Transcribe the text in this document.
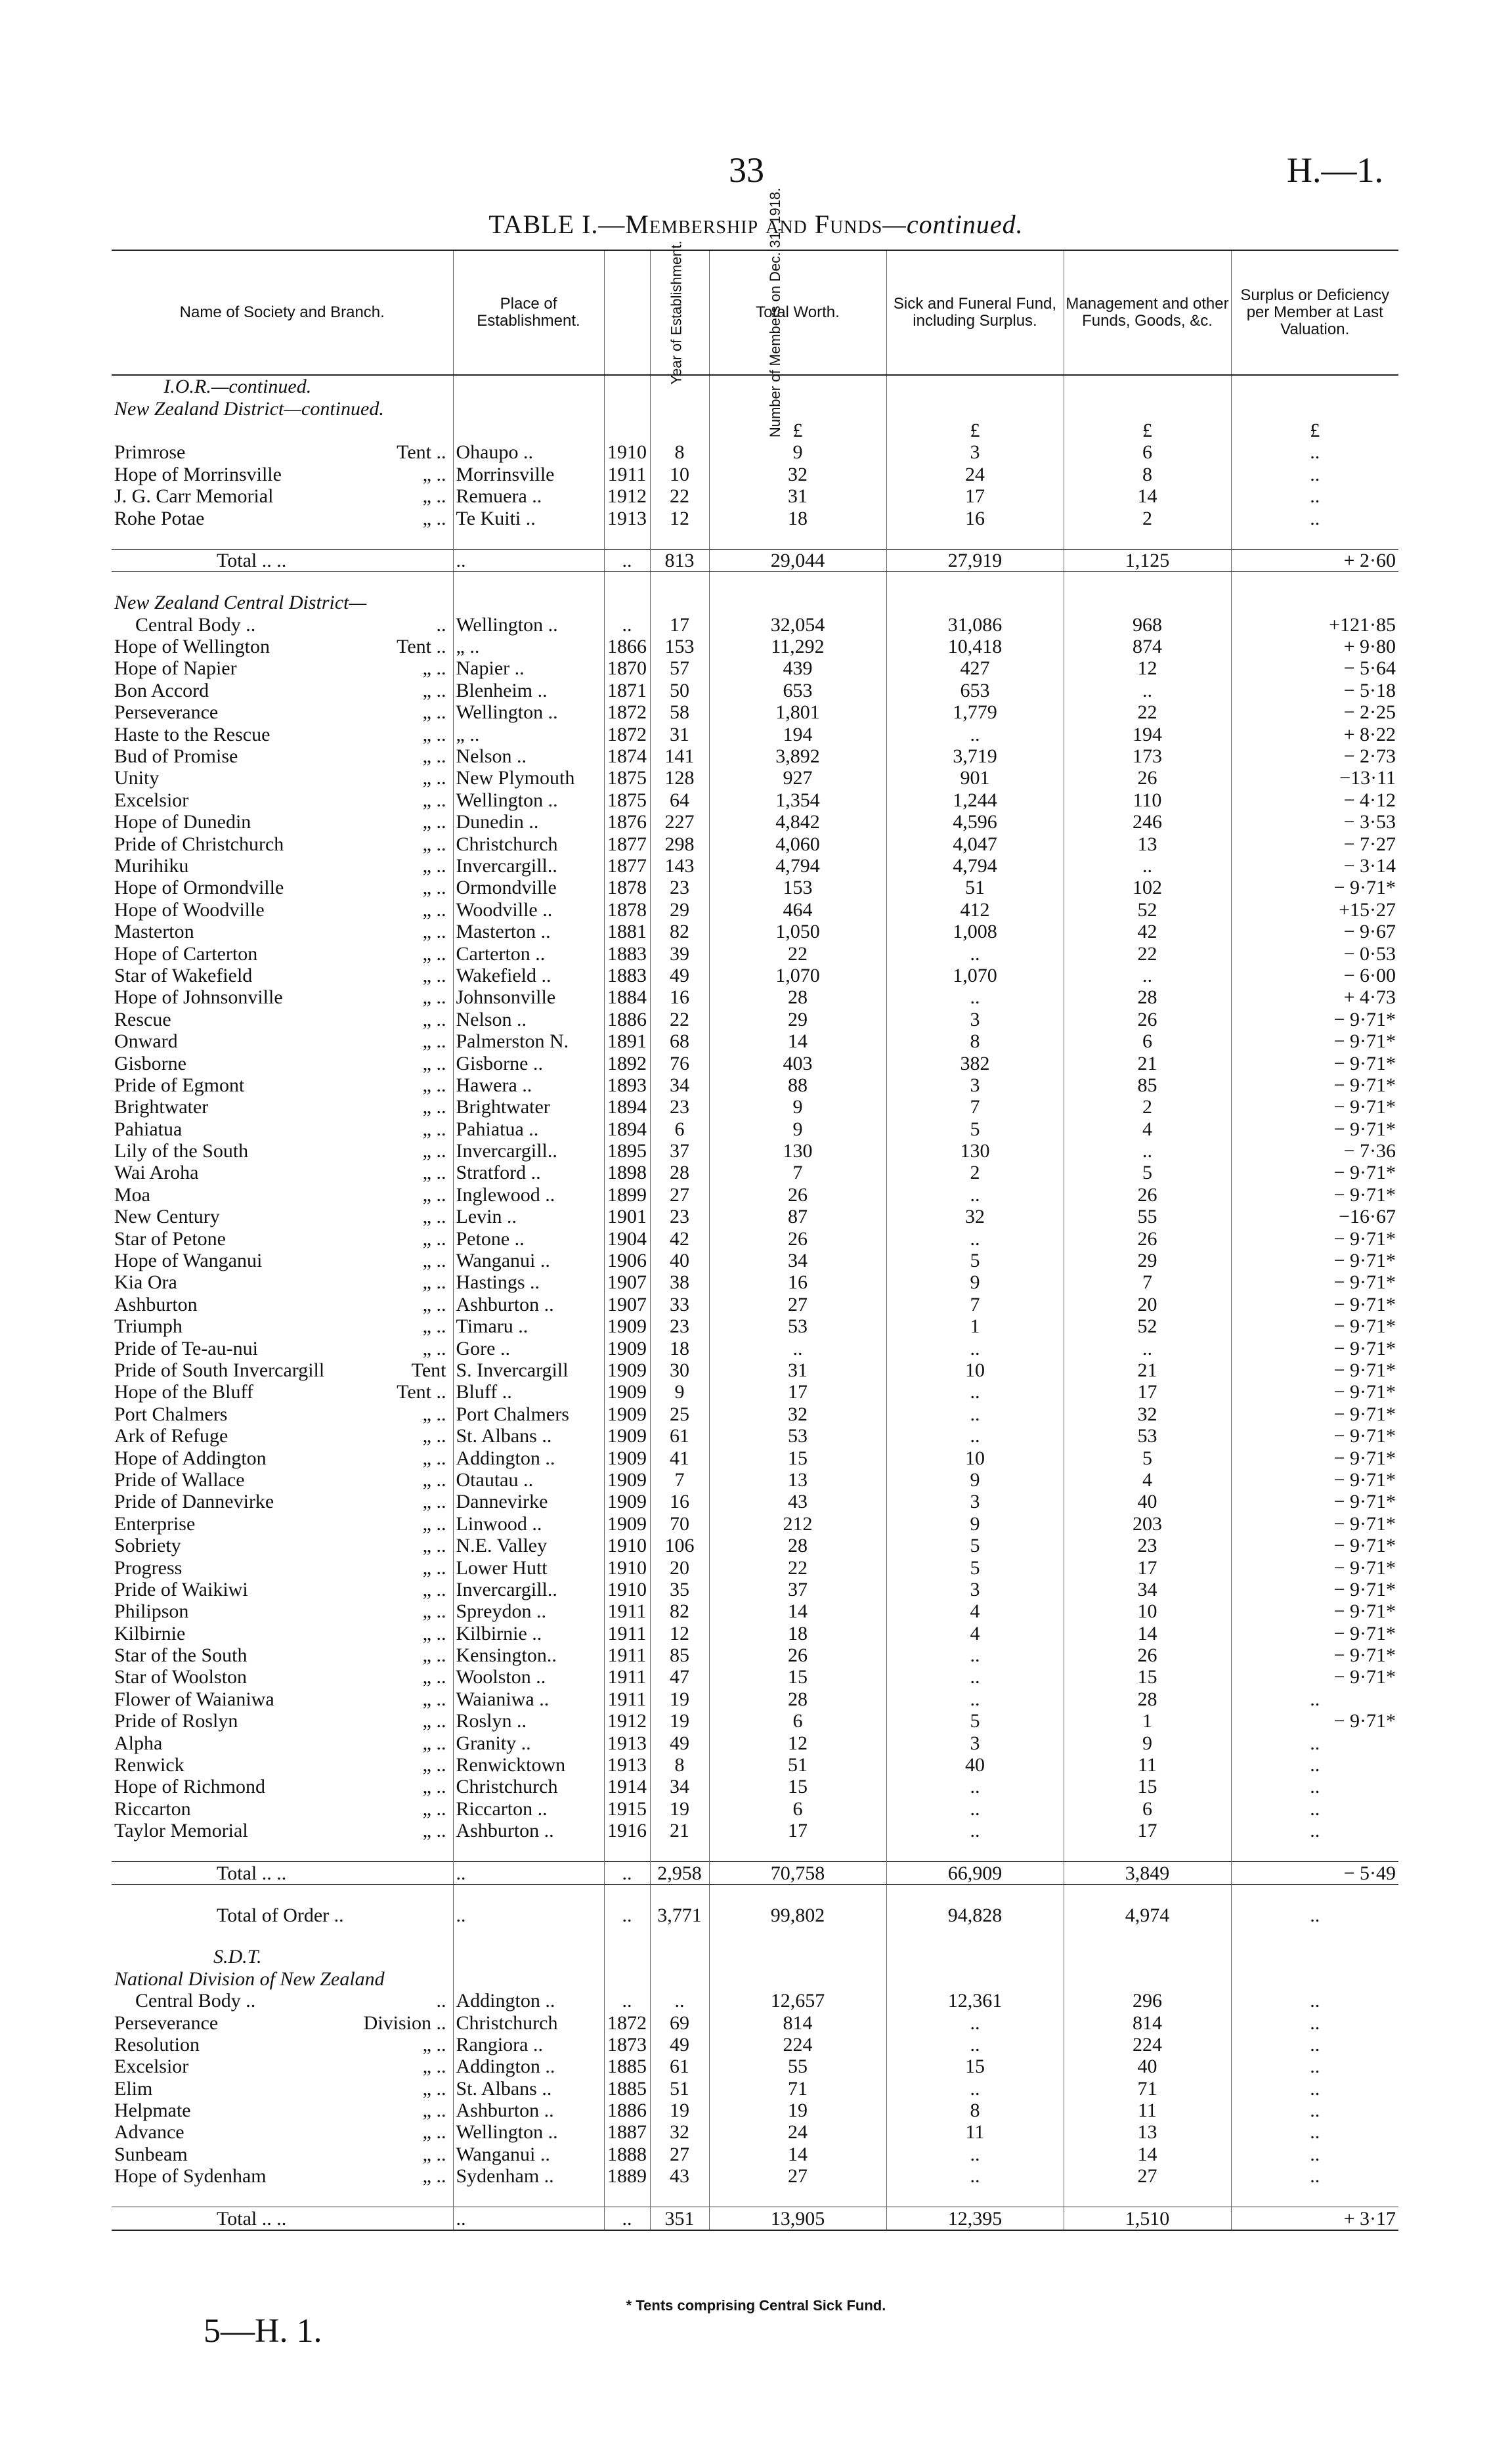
33	H.—1.
TABLE I.—Membership and Funds—continued.
Name of Society and Branch.	Place of Establishment.	Year of Establishment.	Number of Members on Dec. 31, 1918.	Total Worth.	Sick and Funeral Fund, including Surplus.	Management and other Funds, Goods, &c.	Surplus or Deficiency per Member at Last Valuation.
I.O.R.—continued.							
New Zealand District—continued.							
				£	£	£	£
Primrose Tent ..	Ohaupo ..	1910	8	9	3	6	..
Hope of Morrinsville „ ..	Morrinsville	1911	10	32	24	8	..
J. G. Carr Memorial „ ..	Remuera ..	1912	22	31	17	14	..
Rohe Potae „ ..	Te Kuiti ..	1913	12	18	16	2	..

Total .. ..	..	..	813	29,044	27,919	1,125	+ 2·60

New Zealand Central District—							
Central Body .. ..	Wellington ..	..	17	32,054	31,086	968	+121·85
Hope of Wellington Tent ..	„ ..	1866	153	11,292	10,418	874	+ 9·80
Hope of Napier „ ..	Napier ..	1870	57	439	427	12	− 5·64
Bon Accord „ ..	Blenheim ..	1871	50	653	653	..	− 5·18
Perseverance „ ..	Wellington ..	1872	58	1,801	1,779	22	− 2·25
Haste to the Rescue „ ..	„ ..	1872	31	194	..	194	+ 8·22
Bud of Promise „ ..	Nelson ..	1874	141	3,892	3,719	173	− 2·73
Unity „ ..	New Plymouth	1875	128	927	901	26	−13·11
Excelsior „ ..	Wellington ..	1875	64	1,354	1,244	110	− 4·12
Hope of Dunedin „ ..	Dunedin ..	1876	227	4,842	4,596	246	− 3·53
Pride of Christchurch „ ..	Christchurch	1877	298	4,060	4,047	13	− 7·27
Murihiku „ ..	Invercargill..	1877	143	4,794	4,794	..	− 3·14
Hope of Ormondville „ ..	Ormondville	1878	23	153	51	102	− 9·71*
Hope of Woodville „ ..	Woodville ..	1878	29	464	412	52	+15·27
Masterton „ ..	Masterton ..	1881	82	1,050	1,008	42	− 9·67
Hope of Carterton „ ..	Carterton ..	1883	39	22	..	22	− 0·53
Star of Wakefield „ ..	Wakefield ..	1883	49	1,070	1,070	..	− 6·00
Hope of Johnsonville „ ..	Johnsonville	1884	16	28	..	28	+ 4·73
Rescue „ ..	Nelson ..	1886	22	29	3	26	− 9·71*
Onward „ ..	Palmerston N.	1891	68	14	8	6	− 9·71*
Gisborne „ ..	Gisborne ..	1892	76	403	382	21	− 9·71*
Pride of Egmont „ ..	Hawera ..	1893	34	88	3	85	− 9·71*
Brightwater „ ..	Brightwater	1894	23	9	7	2	− 9·71*
Pahiatua „ ..	Pahiatua ..	1894	6	9	5	4	− 9·71*
Lily of the South „ ..	Invercargill..	1895	37	130	130	..	− 7·36
Wai Aroha „ ..	Stratford ..	1898	28	7	2	5	− 9·71*
Moa „ ..	Inglewood ..	1899	27	26	..	26	− 9·71*
New Century „ ..	Levin ..	1901	23	87	32	55	−16·67
Star of Petone „ ..	Petone ..	1904	42	26	..	26	− 9·71*
Hope of Wanganui „ ..	Wanganui ..	1906	40	34	5	29	− 9·71*
Kia Ora „ ..	Hastings ..	1907	38	16	9	7	− 9·71*
Ashburton „ ..	Ashburton ..	1907	33	27	7	20	− 9·71*
Triumph „ ..	Timaru ..	1909	23	53	1	52	− 9·71*
Pride of Te-au-nui „ ..	Gore ..	1909	18	..	..	..	− 9·71*
Pride of South Invercargill Tent	S. Invercargill	1909	30	31	10	21	− 9·71*
Hope of the Bluff Tent ..	Bluff ..	1909	9	17	..	17	− 9·71*
Port Chalmers „ ..	Port Chalmers	1909	25	32	..	32	− 9·71*
Ark of Refuge „ ..	St. Albans ..	1909	61	53	..	53	− 9·71*
Hope of Addington „ ..	Addington ..	1909	41	15	10	5	− 9·71*
Pride of Wallace „ ..	Otautau ..	1909	7	13	9	4	− 9·71*
Pride of Dannevirke „ ..	Dannevirke	1909	16	43	3	40	− 9·71*
Enterprise „ ..	Linwood ..	1909	70	212	9	203	− 9·71*
Sobriety „ ..	N.E. Valley	1910	106	28	5	23	− 9·71*
Progress „ ..	Lower Hutt	1910	20	22	5	17	− 9·71*
Pride of Waikiwi „ ..	Invercargill..	1910	35	37	3	34	− 9·71*
Philipson „ ..	Spreydon ..	1911	82	14	4	10	− 9·71*
Kilbirnie „ ..	Kilbirnie ..	1911	12	18	4	14	− 9·71*
Star of the South „ ..	Kensington..	1911	85	26	..	26	− 9·71*
Star of Woolston „ ..	Woolston ..	1911	47	15	..	15	− 9·71*
Flower of Waianiwa „ ..	Waianiwa ..	1911	19	28	..	28	..
Pride of Roslyn „ ..	Roslyn ..	1912	19	6	5	1	− 9·71*
Alpha „ ..	Granity ..	1913	49	12	3	9	..
Renwick „ ..	Renwicktown	1913	8	51	40	11	..
Hope of Richmond „ ..	Christchurch	1914	34	15	..	15	..
Riccarton „ ..	Riccarton ..	1915	19	6	..	6	..
Taylor Memorial „ ..	Ashburton ..	1916	21	17	..	17	..

Total .. ..	..	..	2,958	70,758	66,909	3,849	− 5·49

Total of Order ..	..	..	3,771	99,802	94,828	4,974	..

S.D.T.							
National Division of New Zealand							
Central Body .. ..	Addington ..	..	..	12,657	12,361	296	..
Perseverance Division ..	Christchurch	1872	69	814	..	814	..
Resolution „ ..	Rangiora ..	1873	49	224	..	224	..
Excelsior „ ..	Addington ..	1885	61	55	15	40	..
Elim „ ..	St. Albans ..	1885	51	71	..	71	..
Helpmate „ ..	Ashburton ..	1886	19	19	8	11	..
Advance „ ..	Wellington ..	1887	32	24	11	13	..
Sunbeam „ ..	Wanganui ..	1888	27	14	..	14	..
Hope of Sydenham „ ..	Sydenham ..	1889	43	27	..	27	..

Total .. ..	..	..	351	13,905	12,395	1,510	+ 3·17
* Tents comprising Central Sick Fund.
5—H. 1.
